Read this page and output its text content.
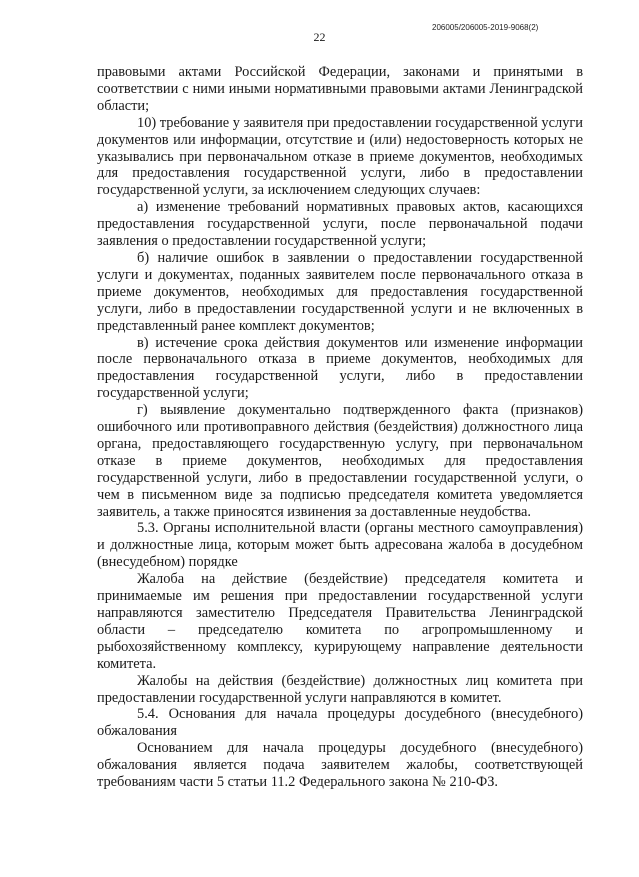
22
206005/206005-2019-9068(2)

правовыми актами Российской Федерации, законами и принятыми в соответствии с ними иными нормативными правовыми актами Ленинградской области;

10) требование у заявителя при предоставлении государственной услуги документов или информации, отсутствие и (или) недостоверность которых не указывались при первоначальном отказе в приеме документов, необходимых для предоставления государственной услуги, либо в предоставлении государственной услуги, за исключением следующих случаев:

а) изменение требований нормативных правовых актов, касающихся предоставления государственной услуги, после первоначальной подачи заявления о предоставлении государственной услуги;

б) наличие ошибок в заявлении о предоставлении государственной услуги и документах, поданных заявителем после первоначального отказа в приеме документов, необходимых для предоставления государственной услуги, либо в предоставлении государственной услуги и не включенных в представленный ранее комплект документов;

в) истечение срока действия документов или изменение информации после первоначального отказа в приеме документов, необходимых для предоставления государственной услуги, либо в предоставлении государственной услуги;

г) выявление документально подтвержденного факта (признаков) ошибочного или противоправного действия (бездействия) должностного лица органа, предоставляющего государственную услугу, при первоначальном отказе в приеме документов, необходимых для предоставления государственной услуги, либо в предоставлении государственной услуги, о чем в письменном виде за подписью председателя комитета уведомляется заявитель, а также приносятся извинения за доставленные неудобства.

5.3. Органы исполнительной власти (органы местного самоуправления) и должностные лица, которым может быть адресована жалоба в досудебном (внесудебном) порядке

Жалоба на действие (бездействие) председателя комитета и принимаемые им решения при предоставлении государственной услуги направляются заместителю Председателя Правительства Ленинградской области – председателю комитета по агропромышленному и рыбохозяйственному комплексу, курирующему направление деятельности комитета.

Жалобы на действия (бездействие) должностных лиц комитета при предоставлении государственной услуги направляются в комитет.

5.4. Основания для начала процедуры досудебного (внесудебного) обжалования

Основанием для начала процедуры досудебного (внесудебного) обжалования является подача заявителем жалобы, соответствующей требованиям части 5 статьи 11.2 Федерального закона № 210-ФЗ.
